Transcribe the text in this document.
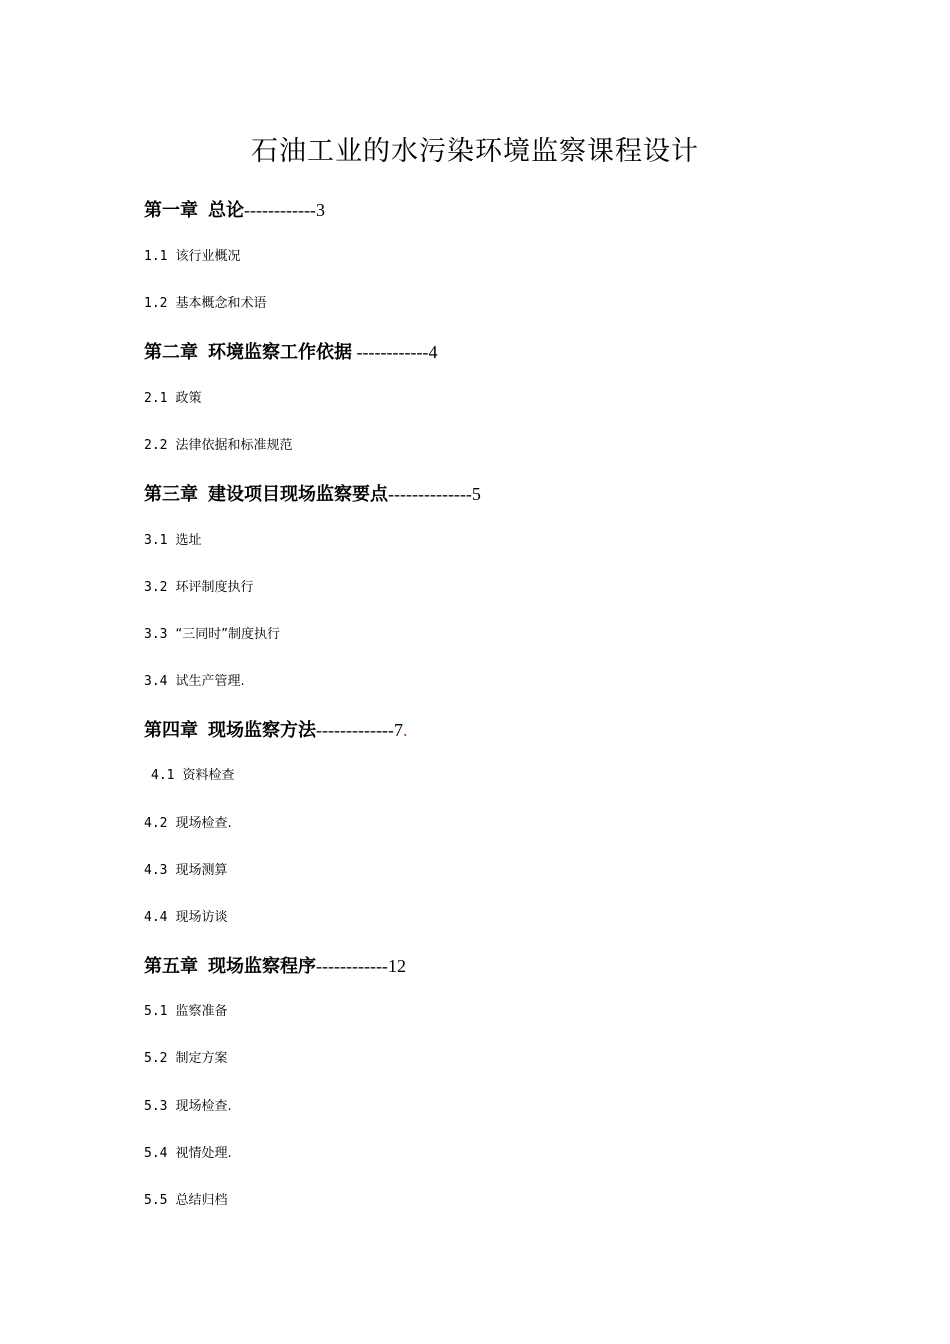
石油工业的水污染环境监察课程设计
第一章 总论------------3
1.1 该行业概况
1.2 基本概念和术语
第二章 环境监察工作依据 ------------4
2.1 政策
2.2 法律依据和标准规范
第三章 建设项目现场监察要点--------------5
3.1 选址
3.2 环评制度执行
3.3 “三同时”制度执行
3.4 试生产管理.
第四章 现场监察方法-------------7.
4.1 资料检查
4.2 现场检查.
4.3 现场测算
4.4 现场访谈
第五章 现场监察程序------------12
5.1 监察准备
5.2 制定方案
5.3 现场检查.
5.4 视情处理.
5.5 总结归档
